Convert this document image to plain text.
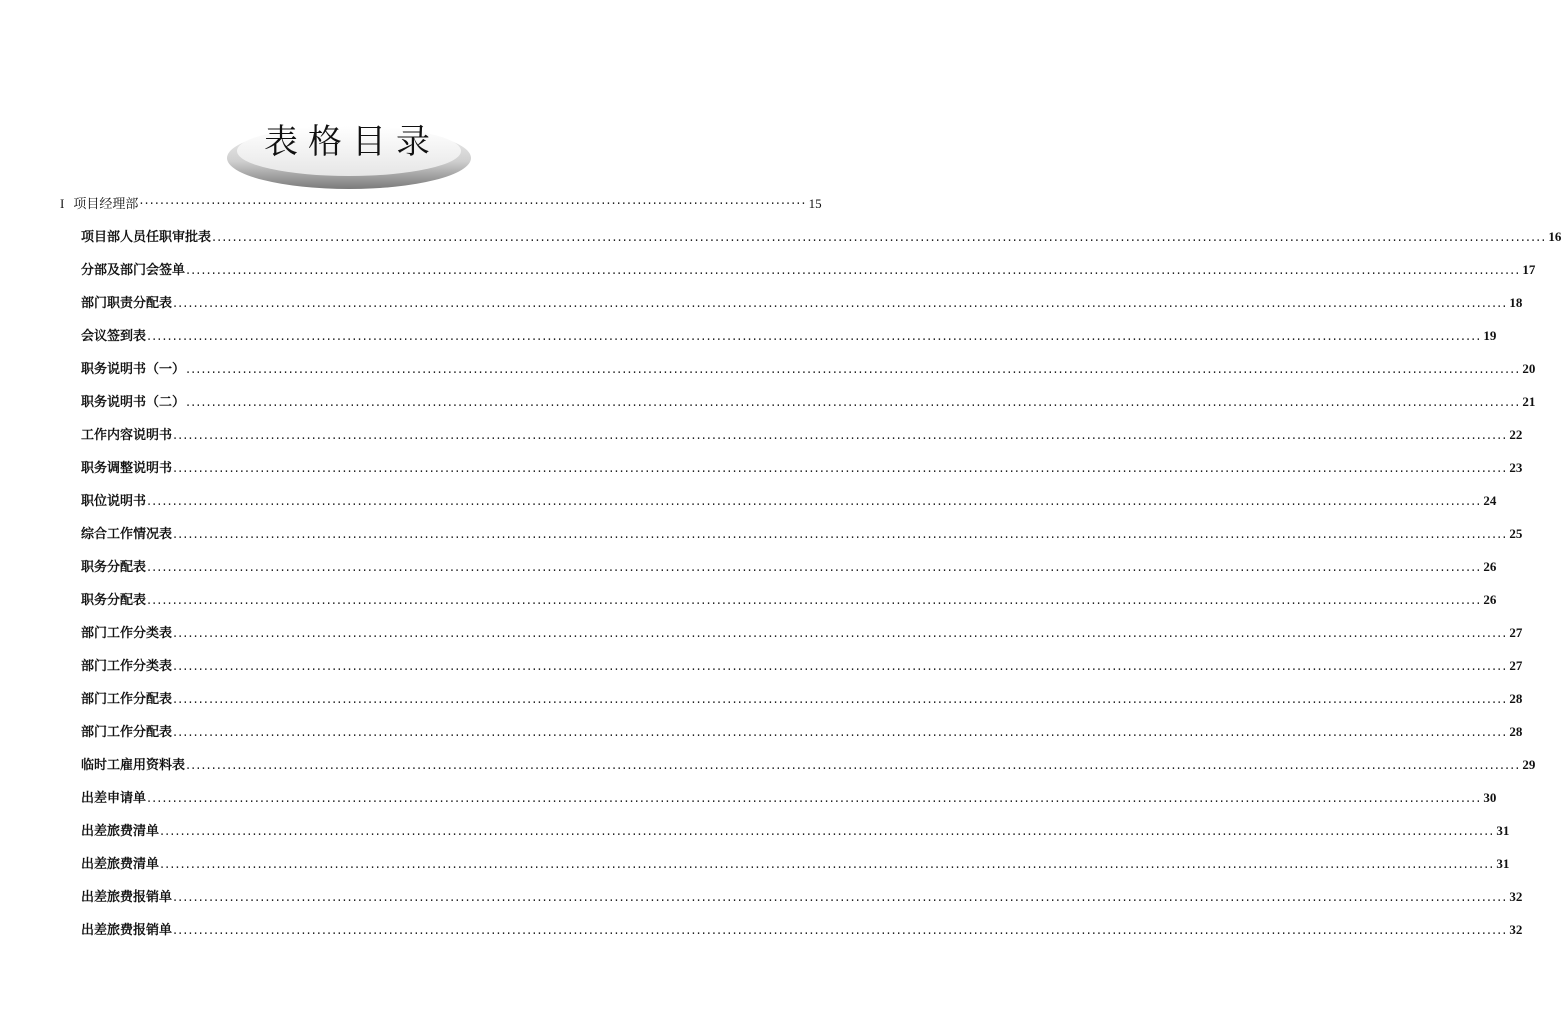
表格目录
I 项目经理部 ·································································································································· 15
项目部人员任职审批表 .................................................................................................................................................................................................................................................................... 16
分部及部门会签单 .................................................................................................................................................................................................................................................................... 17
部门职责分配表 .................................................................................................................................................................................................................................................................... 18
会议签到表 .................................................................................................................................................................................................................................................................... 19
职务说明书（一） .................................................................................................................................................................................................................................................................... 20
职务说明书（二） .................................................................................................................................................................................................................................................................... 21
工作内容说明书 .................................................................................................................................................................................................................................................................... 22
职务调整说明书 .................................................................................................................................................................................................................................................................... 23
职位说明书 .................................................................................................................................................................................................................................................................... 24
综合工作情况表 .................................................................................................................................................................................................................................................................... 25
职务分配表 .................................................................................................................................................................................................................................................................... 26
职务分配表 .................................................................................................................................................................................................................................................................... 26
部门工作分类表 .................................................................................................................................................................................................................................................................... 27
部门工作分类表 .................................................................................................................................................................................................................................................................... 27
部门工作分配表 .................................................................................................................................................................................................................................................................... 28
部门工作分配表 .................................................................................................................................................................................................................................................................... 28
临时工雇用资料表 .................................................................................................................................................................................................................................................................... 29
出差申请单 .................................................................................................................................................................................................................................................................... 30
出差旅费清单 .................................................................................................................................................................................................................................................................... 31
出差旅费清单 .................................................................................................................................................................................................................................................................... 31
出差旅费报销单 .................................................................................................................................................................................................................................................................... 32
出差旅费报销单 .................................................................................................................................................................................................................................................................... 32
